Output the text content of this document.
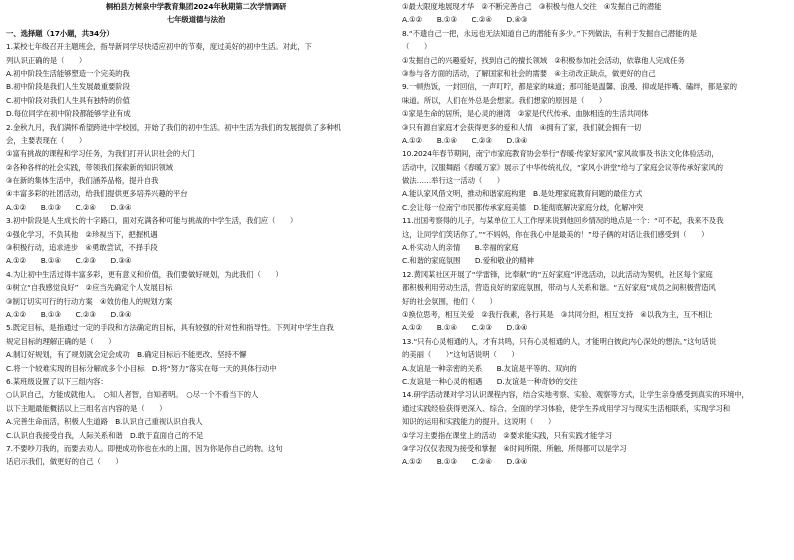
桐柏县方树泉中学教育集团2024年秋期第二次学情调研
七年级道德与法治
一、选择题（17小题，共34分）
1.某校七年级召开主题班会，指导新同学尽快适应初中的节奏，度过美好的初中生活。对此，下
列认识正确的是（　　）
A.初中阶段生活能够塑造一个完美的我
B.初中阶段是我们人生发展最重要阶段
C.初中阶段对我们人生具有独特的价值
D.每位同学在初中阶段都能够学业有成
2.金秋九月，我们满怀希望跨进中学校园，开始了我们的初中生活。初中生活为我们的发展提供了多种机
会，主要表现在（　　）
①富有挑战的课程和学习任务，为我们打开认识社会的大门
②各种各样的社会实践，带领我们探索新的知识领域
③在新的集体生活中，我们涵养品格，提升自我
④丰富多彩的社团活动，给我们提供更多培养兴趣的平台
A.①②　　B.①③　　C.②④　　D.③④
3.初中阶段是人生成长的十字路口，面对充满各种可能与挑战的中学生活，我们应（　　）
①强化学习，不负其他　②珍视当下，把握机遇
③积极行动，追求进步　④勇敢尝试，不择手段
A.①②　　B.①④　　C.②③　　D.③④
4.为让初中生活过得丰富多彩，更有意义和价值，我们要做好规划，为此我们（　　）
①树立“自我感觉良好”　②应当先确定个人发展目标
③制订切实可行的行动方案　④效仿他人的规划方案
A.①②　　B.①③　　C.②③　　D.③④
5.既定目标，是指通过一定的手段和方法确定的目标，具有较强的针对性和指导性。下列对中学生自我
规定目标的理解正确的是（　　）
A.制订好规划，有了规划就会定会成功　B.确定目标后不能更改、坚持不懈
C.将一个较难实现的目标分解成多个小目标　D.将“努力”落实在每一天的具体行动中
6.某班级设置了以下三组内容：
○认识自己，方能成就他人。　○知人者智，自知者明。　○尽一个不看当下的人
以下主题最能概括以上三组名言内容的是（　　）
A.完善生命而活，积极人生道路　B.认识自己重视认识自我人
C.认识自我接受自我，人际关系和谐　D.敢于直面自己的不足
7.不要吵刀我的，而要去劝人。即便成功你也在水的上面，因为你是你自己的物。这句
话启示我们，做更好的自己（　　）
①最大限度地展现才华　②不断完善自己　③积极与他人交往　④发掘自己的潜能
A.①②　　B.①③　　C.②④　　D.④③
8.“不遗自己一把，永远也无法知道自己的潜能有多少。”下列做法，有利于发掘自己潜能的是
（　　）
①发掘自己的兴趣爱好，找到自己的擅长领域　②积极参加社会活动，依靠他人完成任务
③参与各方面的活动，了解国家和社会的需要　④主动改正缺点，做更好的自己
9.一顿热饭，一封回信，一声叮咛，都是家的味道；那可能是温馨、浪漫、抑或是拌嘴、磕绊，都是家的
味道。所以，人们在外总是会想家。我们想家的原因是（　　）
①家是生命的居所，是心灵的港湾　②家是代代传承、血脉相连的生活共同体
③只有源自家庭才会获得更多的爱和人情　④拥有了家，我们就会拥有一切
A.①②　　B.①④　　C.②③　　D.③④
10.2024年春节期间，南宁市家庭教育协会举行“春暖·传家好家风”家风故事及书法文化体验活动，
活动中，汉服舞蹈《春暖万家》展示了中华传统礼仪，“家风小讲堂”给与了家庭会议等传承好家风的
做法……举行这一活动（　　）
A.能认家风借文明，推动和谐家庭构建　B.是处理家庭教育问题的最佳方式
C.会让每一位南宁市民都传承家庭美德　D.能彻底解决家庭分歧，化解冲突
11.出国考察得的儿子，与某单位工人工作厚来说到他回乡情况的地点是一个：“可不起，我来不及我
这，让同学们笑话你了。”“不妈妈，你在我心中是最美的！”母子俩的对话让我们感受到（　　）
A.朴实动人的亲情　　B.幸福的家庭
C.和谐的家庭氛围　　D.爱和敬业的精神
12.黄冈某社区开展了“学雷锋，比奉献”的“五好家庭”评选活动，以此活动为契机，社区每个家庭
都积极利用劳动生活，营造良好的家庭氛围，带动与人关系和谐。“五好家庭”成员之间积极营造风
好的社会氛围，他们（　　）
①换位思考，相互关爱　②我行我素，各行其是　③共同分担，相互支持　④以我为主，互不相让
A.①②　　B.①④　　C.②③　　D.③④
13.“只有心灵相通的人，才有共鸣，只有心灵相通的人，才能明白彼此内心深处的想法。”这句话说
的美丽（　　）”这句话说明（　　）
A.友谊是一种亲密的关系　　B.友谊是平等的、双向的
C.友谊是一种心灵的相遇　　D.友谊是一种奇妙的交往
14.研学活动课对学习认识课程内容，结合实地考察、实验、观察等方式，让学生亲身感受到真实的环境中，
通过实践经验获得更深入、综合、全面的学习体验，使学生养成用学习与现实生活相联系，实现学习和
知识的运用和实践能力的提升。这说明（　　）
①学习主要指在课堂上的活动　②要求能实践，只有实践才能学习
③学习仅仅表现为接受和掌握　④时间所限、所触、所得都可以是学习
A.①②　　B.①③　　C.②④　　D.③④
